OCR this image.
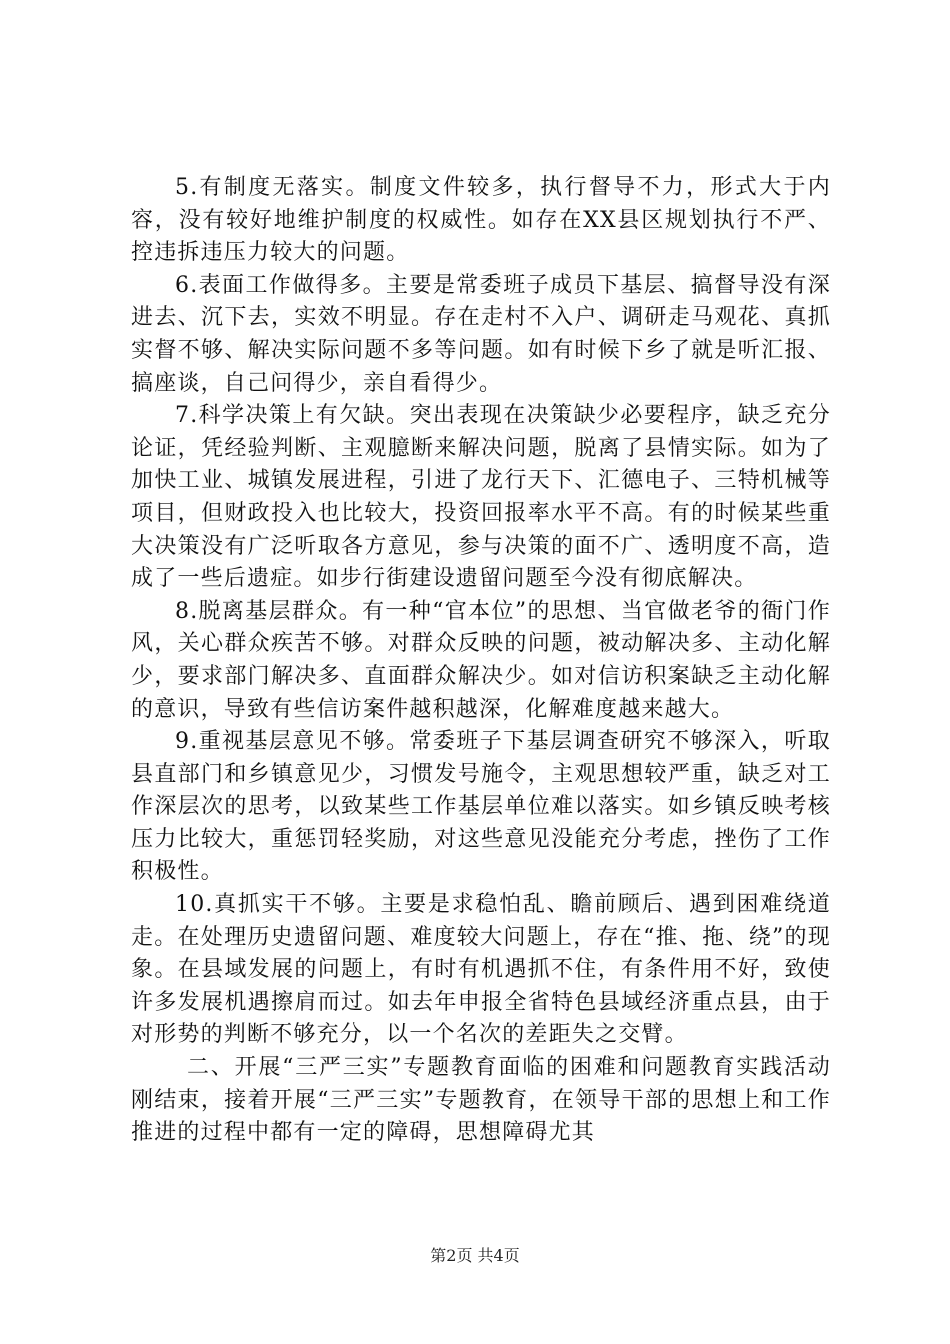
5.有制度无落实。制度文件较多，执行督导不力，形式大于内容，没有较好地维护制度的权威性。如存在XX县区规划执行不严、控违拆违压力较大的问题。

6.表面工作做得多。主要是常委班子成员下基层、搞督导没有深进去、沉下去，实效不明显。存在走村不入户、调研走马观花、真抓实督不够、解决实际问题不多等问题。如有时候下乡了就是听汇报、搞座谈，自己问得少，亲自看得少。

7.科学决策上有欠缺。突出表现在决策缺少必要程序，缺乏充分论证，凭经验判断、主观臆断来解决问题，脱离了县情实际。如为了加快工业、城镇发展进程，引进了龙行天下、汇德电子、三特机械等项目，但财政投入也比较大，投资回报率水平不高。有的时候某些重大决策没有广泛听取各方意见，参与决策的面不广、透明度不高，造成了一些后遗症。如步行街建设遗留问题至今没有彻底解决。

8.脱离基层群众。有一种“官本位”的思想、当官做老爷的衙门作风，关心群众疾苦不够。对群众反映的问题，被动解决多、主动化解少，要求部门解决多、直面群众解决少。如对信访积案缺乏主动化解的意识，导致有些信访案件越积越深，化解难度越来越大。

9.重视基层意见不够。常委班子下基层调查研究不够深入，听取县直部门和乡镇意见少，习惯发号施令，主观思想较严重，缺乏对工作深层次的思考，以致某些工作基层单位难以落实。如乡镇反映考核压力比较大，重惩罚轻奖励，对这些意见没能充分考虑，挫伤了工作积极性。

10.真抓实干不够。主要是求稳怕乱、瞻前顾后、遇到困难绕道走。在处理历史遗留问题、难度较大问题上，存在“推、拖、绕”的现象。在县域发展的问题上，有时有机遇抓不住，有条件用不好，致使许多发展机遇擦肩而过。如去年申报全省特色县域经济重点县，由于对形势的判断不够充分，以一个名次的差距失之交臂。

二、开展“三严三实”专题教育面临的困难和问题教育实践活动刚结束，接着开展“三严三实”专题教育，在领导干部的思想上和工作推进的过程中都有一定的障碍，思想障碍尤其

第2页 共4页
